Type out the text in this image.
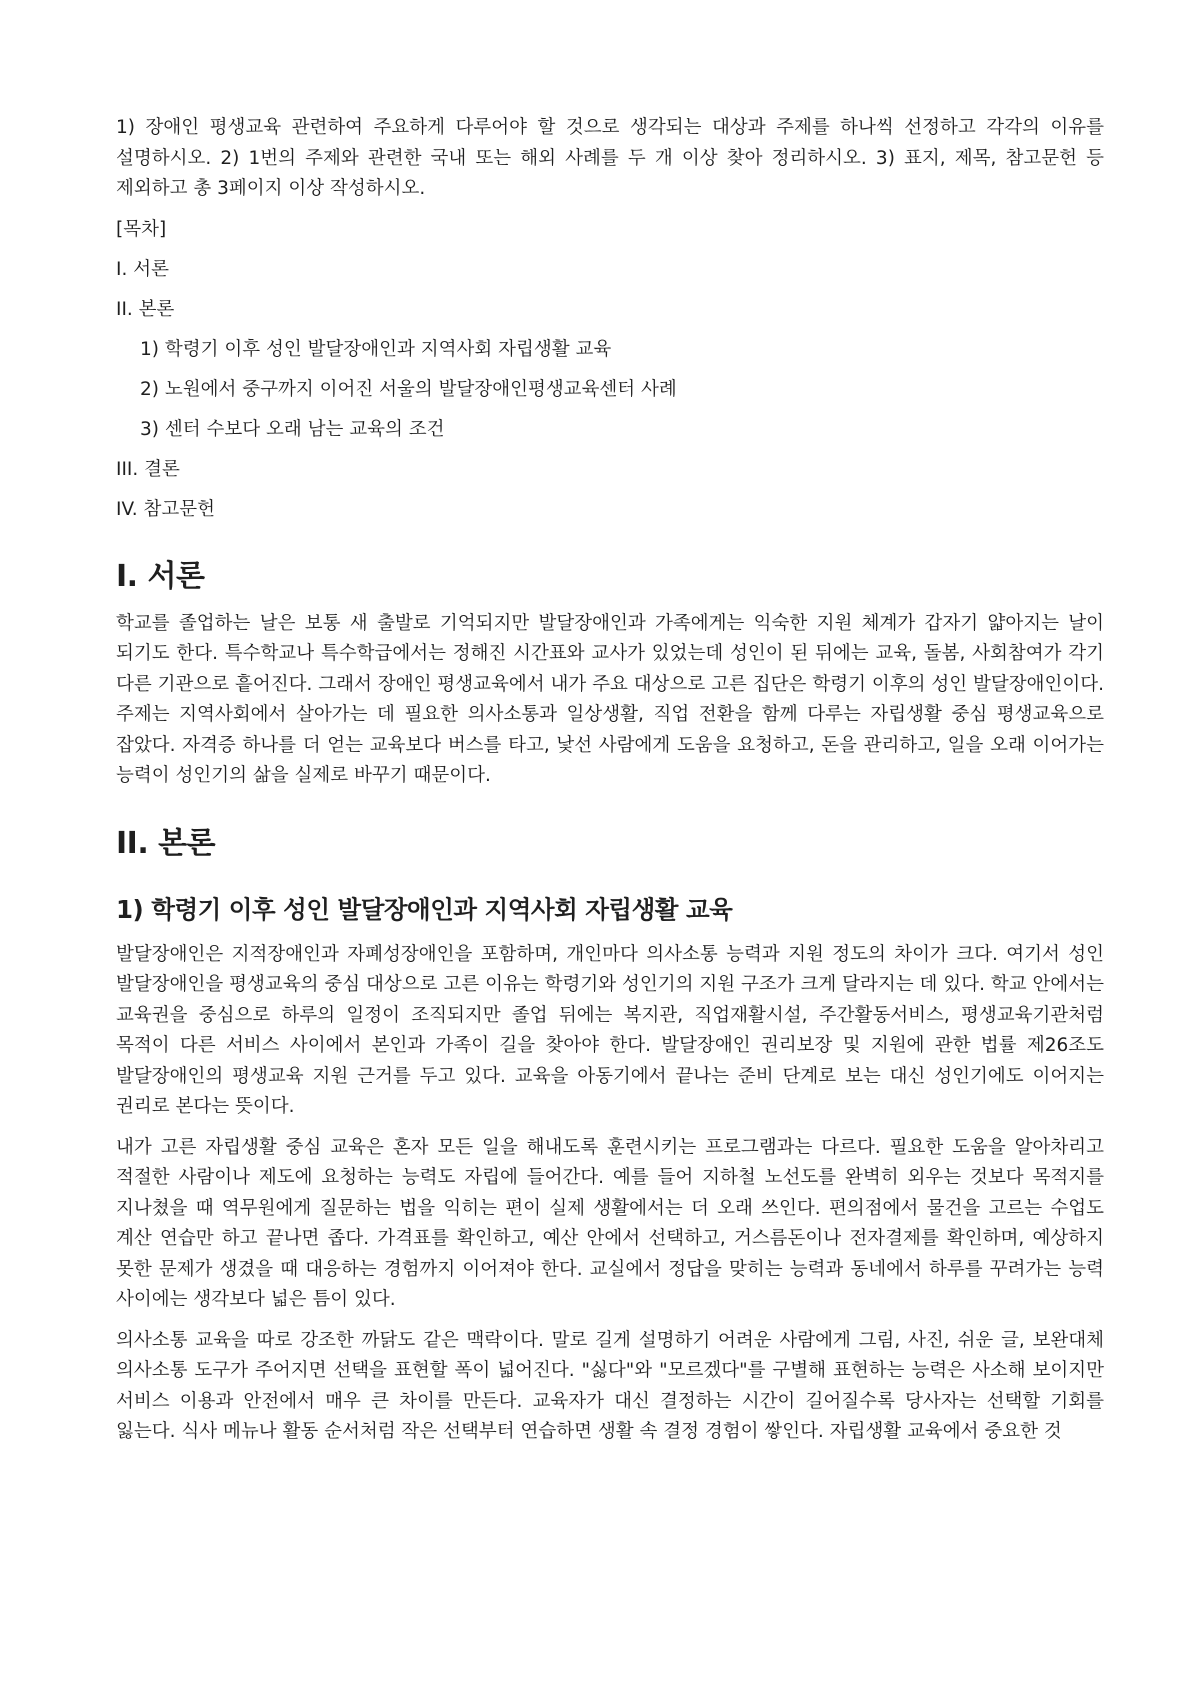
1) 장애인 평생교육 관련하여 주요하게 다루어야 할 것으로 생각되는 대상과 주제를 하나씩 선정하고 각각의 이유를 설명하시오. 2) 1번의 주제와 관련한 국내 또는 해외 사례를 두 개 이상 찾아 정리하시오. 3) 표지, 제목, 참고문헌 등 제외하고 총 3페이지 이상 작성하시오.

[목차]
I. 서론
II. 본론
1) 학령기 이후 성인 발달장애인과 지역사회 자립생활 교육
2) 노원에서 중구까지 이어진 서울의 발달장애인평생교육센터 사례
3) 센터 수보다 오래 남는 교육의 조건
III. 결론
IV. 참고문헌
I. 서론

학교를 졸업하는 날은 보통 새 출발로 기억되지만 발달장애인과 가족에게는 익숙한 지원 체계가 갑자기 얇아지는 날이 되기도 한다. 특수학교나 특수학급에서는 정해진 시간표와 교사가 있었는데 성인이 된 뒤에는 교육, 돌봄, 사회참여가 각기 다른 기관으로 흩어진다. 그래서 장애인 평생교육에서 내가 주요 대상으로 고른 집단은 학령기 이후의 성인 발달장애인이다. 주제는 지역사회에서 살아가는 데 필요한 의사소통과 일상생활, 직업 전환을 함께 다루는 자립생활 중심 평생교육으로 잡았다. 자격증 하나를 더 얻는 교육보다 버스를 타고, 낯선 사람에게 도움을 요청하고, 돈을 관리하고, 일을 오래 이어가는 능력이 성인기의 삶을 실제로 바꾸기 때문이다.

II. 본론
1) 학령기 이후 성인 발달장애인과 지역사회 자립생활 교육

발달장애인은 지적장애인과 자폐성장애인을 포함하며, 개인마다 의사소통 능력과 지원 정도의 차이가 크다. 여기서 성인 발달장애인을 평생교육의 중심 대상으로 고른 이유는 학령기와 성인기의 지원 구조가 크게 달라지는 데 있다. 학교 안에서는 교육권을 중심으로 하루의 일정이 조직되지만 졸업 뒤에는 복지관, 직업재활시설, 주간활동서비스, 평생교육기관처럼 목적이 다른 서비스 사이에서 본인과 가족이 길을 찾아야 한다. 발달장애인 권리보장 및 지원에 관한 법률 제26조도 발달장애인의 평생교육 지원 근거를 두고 있다. 교육을 아동기에서 끝나는 준비 단계로 보는 대신 성인기에도 이어지는 권리로 본다는 뜻이다.

내가 고른 자립생활 중심 교육은 혼자 모든 일을 해내도록 훈련시키는 프로그램과는 다르다. 필요한 도움을 알아차리고 적절한 사람이나 제도에 요청하는 능력도 자립에 들어간다. 예를 들어 지하철 노선도를 완벽히 외우는 것보다 목적지를 지나쳤을 때 역무원에게 질문하는 법을 익히는 편이 실제 생활에서는 더 오래 쓰인다. 편의점에서 물건을 고르는 수업도 계산 연습만 하고 끝나면 좁다. 가격표를 확인하고, 예산 안에서 선택하고, 거스름돈이나 전자결제를 확인하며, 예상하지 못한 문제가 생겼을 때 대응하는 경험까지 이어져야 한다. 교실에서 정답을 맞히는 능력과 동네에서 하루를 꾸려가는 능력 사이에는 생각보다 넓은 틈이 있다.

의사소통 교육을 따로 강조한 까닭도 같은 맥락이다. 말로 길게 설명하기 어려운 사람에게 그림, 사진, 쉬운 글, 보완대체 의사소통 도구가 주어지면 선택을 표현할 폭이 넓어진다. "싫다"와 "모르겠다"를 구별해 표현하는 능력은 사소해 보이지만 서비스 이용과 안전에서 매우 큰 차이를 만든다. 교육자가 대신 결정하는 시간이 길어질수록 당사자는 선택할 기회를 잃는다. 식사 메뉴나 활동 순서처럼 작은 선택부터 연습하면 생활 속 결정 경험이 쌓인다. 자립생활 교육에서 중요한 것
